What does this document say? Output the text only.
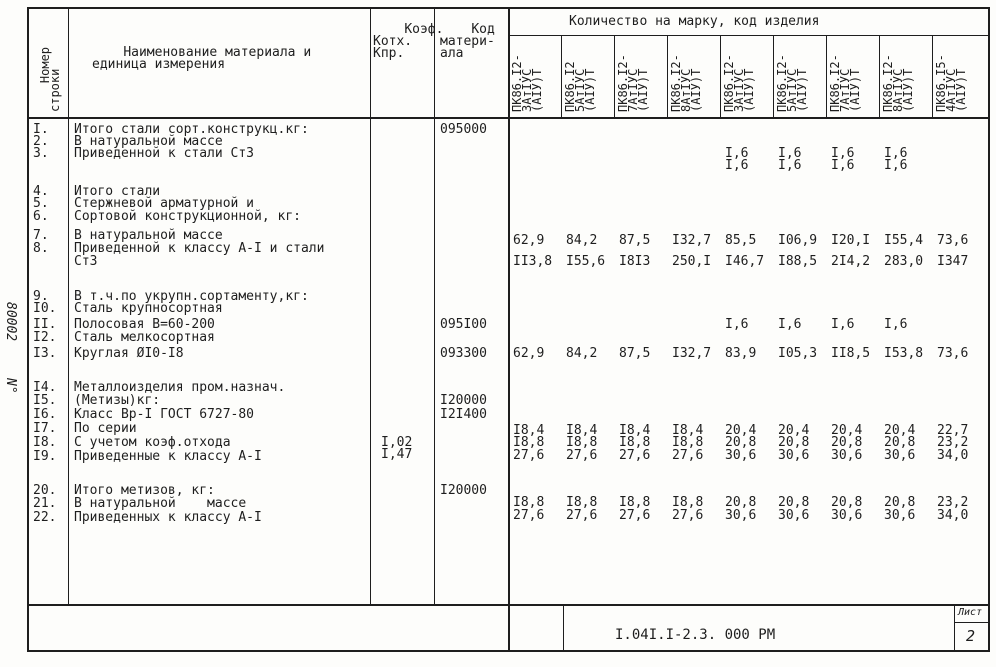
Номер
строки

Наименование материала и
единица измерения

Коэф.
Котх.
Кпр.

Код
матери-
ала

Количество на марку, код изделия
ПК86.I2-
3AтIУС
(AIУ)Т ПК86.I2
5AтIУС
(AIУ)Т ПК86.I2-
7AтIУС
(AIУ)Т ПК86.I2-
8AтIУС
(AIУ)Т ПК86.I2-
3AтIУС
(AIУ)Т ПК86.I2-
5AтIУС
(AIУ)Т ПК86.I2-
7AтIУС
(AIУ)Т ПК86.I2-
8AтIУС
(AIУ)Т ПК86.I5-
4AтIУС
(AIУ)Т
I.
2.
3.
4.
5.
6.
7.
8.
9.
I0.
II.
I2.
I3.
I4.
I5.
I6.
I7.
I8.
I9.
20.
21.
22.
Итого стали сорт.конструкц.кг:
В натуральной массе
Приведенной к стали Ст3
Итого стали
Стержневой арматурной и
Сортовой конструкционной, кг:
В натуральной массе
Приведенной к классу А-I и стали
Ст3
В т.ч.по укрупн.сортаменту,кг:
Сталь крупносортная
Полосовая В=60-200
Сталь мелкосортная
Круглая ØI0-I8
Металлоизделия пром.назнач.
(Метизы)кг:
Класс Вр-I ГОСТ 6727-80
По серии
С учетом коэф.отхода
Приведенные к классу А-I
Итого метизов, кг:
В натуральной    массе
Приведенных к классу А-I
I,02
I,47
095000
095I00
093300
I20000
I2I400
I20000
I,6 I,6 I,6 I,6
I,6 I,6 I,6 I,6
62,9 84,2 87,5 I32,7 85,5 I06,9 I20,I I55,4 73,6
II3,8 I55,6 I8I3 250,I I46,7 I88,5 2I4,2 283,0 I347
I,6 I,6 I,6 I,6
62,9 84,2 87,5 I32,7 83,9 I05,3 II8,5 I53,8 73,6
I8,4 I8,4 I8,4 I8,4 20,4 20,4 20,4 20,4 22,7
I8,8 I8,8 I8,8 I8,8 20,8 20,8 20,8 20,8 23,2
27,6 27,6 27,6 27,6 30,6 30,6 30,6 30,6 34,0
I8,8 I8,8 I8,8 I8,8 20,8 20,8 20,8 20,8 23,2
27,6 27,6 27,6 27,6 30,6 30,6 30,6 30,6 34,0
I.04I.I-2.3. 000 РМ
Лист
2
80002
N°
